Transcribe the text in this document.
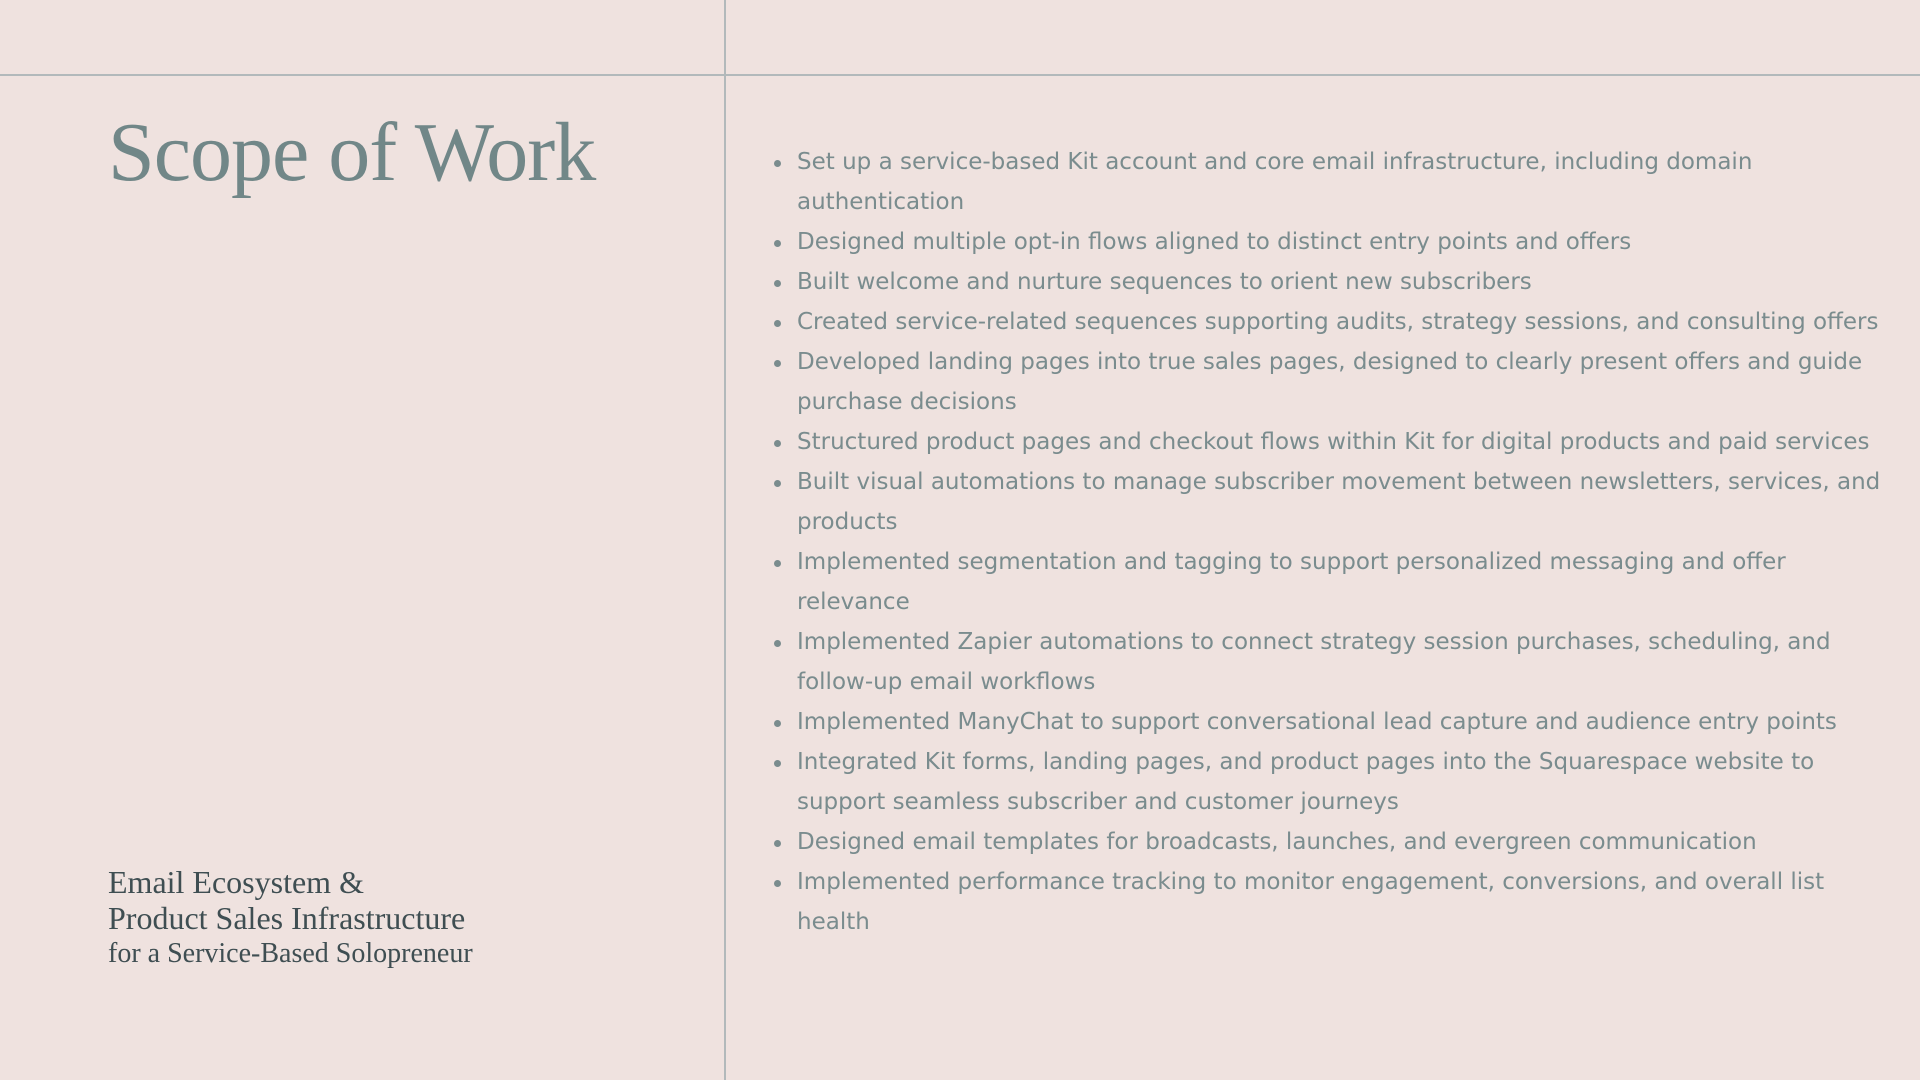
Scope of Work
Email Ecosystem &
Product Sales Infrastructure
for a Service-Based Solopreneur
Set up a service-based Kit account and core email infrastructure, including domain authentication
Designed multiple opt-in flows aligned to distinct entry points and offers
Built welcome and nurture sequences to orient new subscribers
Created service-related sequences supporting audits, strategy sessions, and consulting offers
Developed landing pages into true sales pages, designed to clearly present offers and guide purchase decisions
Structured product pages and checkout flows within Kit for digital products and paid services
Built visual automations to manage subscriber movement between newsletters, services, and products
Implemented segmentation and tagging to support personalized messaging and offer relevance
Implemented Zapier automations to connect strategy session purchases, scheduling, and follow-up email workflows
Implemented ManyChat to support conversational lead capture and audience entry points
Integrated Kit forms, landing pages, and product pages into the Squarespace website to support seamless subscriber and customer journeys
Designed email templates for broadcasts, launches, and evergreen communication
Implemented performance tracking to monitor engagement, conversions, and overall list health
